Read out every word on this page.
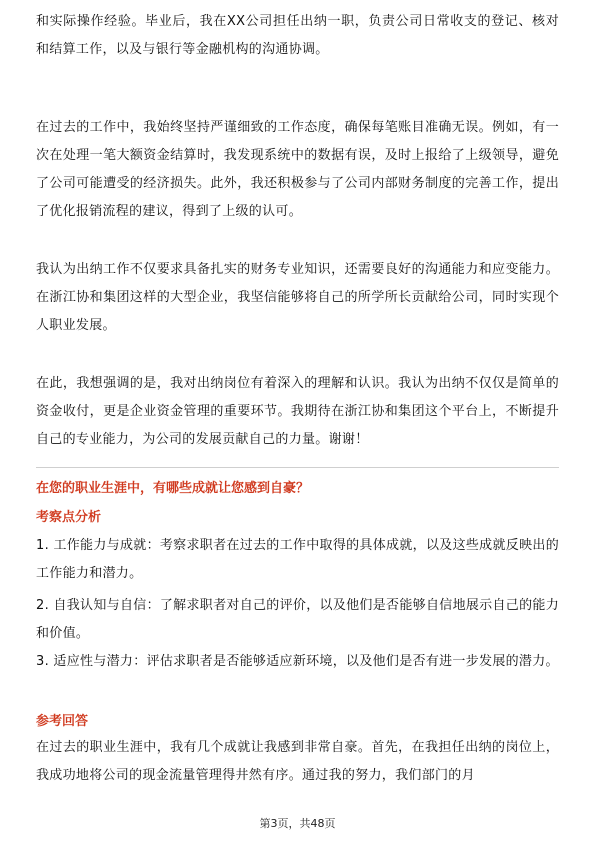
和实际操作经验。毕业后，我在XX公司担任出纳一职，负责公司日常收支的登记、核对和结算工作，以及与银行等金融机构的沟通协调。

在过去的工作中，我始终坚持严谨细致的工作态度，确保每笔账目准确无误。例如，有一次在处理一笔大额资金结算时，我发现系统中的数据有误，及时上报给了上级领导，避免了公司可能遭受的经济损失。此外，我还积极参与了公司内部财务制度的完善工作，提出了优化报销流程的建议，得到了上级的认可。

我认为出纳工作不仅要求具备扎实的财务专业知识，还需要良好的沟通能力和应变能力。在浙江协和集团这样的大型企业，我坚信能够将自己的所学所长贡献给公司，同时实现个人职业发展。

在此，我想强调的是，我对出纳岗位有着深入的理解和认识。我认为出纳不仅仅是简单的资金收付，更是企业资金管理的重要环节。我期待在浙江协和集团这个平台上，不断提升自己的专业能力，为公司的发展贡献自己的力量。谢谢！

在您的职业生涯中，有哪些成就让您感到自豪？

考察点分析

1. 工作能力与成就：考察求职者在过去的工作中取得的具体成就，以及这些成就反映出的工作能力和潜力。

2. 自我认知与自信：了解求职者对自己的评价，以及他们是否能够自信地展示自己的能力和价值。

3. 适应性与潜力：评估求职者是否能够适应新环境，以及他们是否有进一步发展的潜力。

参考回答

在过去的职业生涯中，我有几个成就让我感到非常自豪。首先，在我担任出纳的岗位上，我成功地将公司的现金流量管理得井然有序。通过我的努力，我们部门的月

第3页，共48页
